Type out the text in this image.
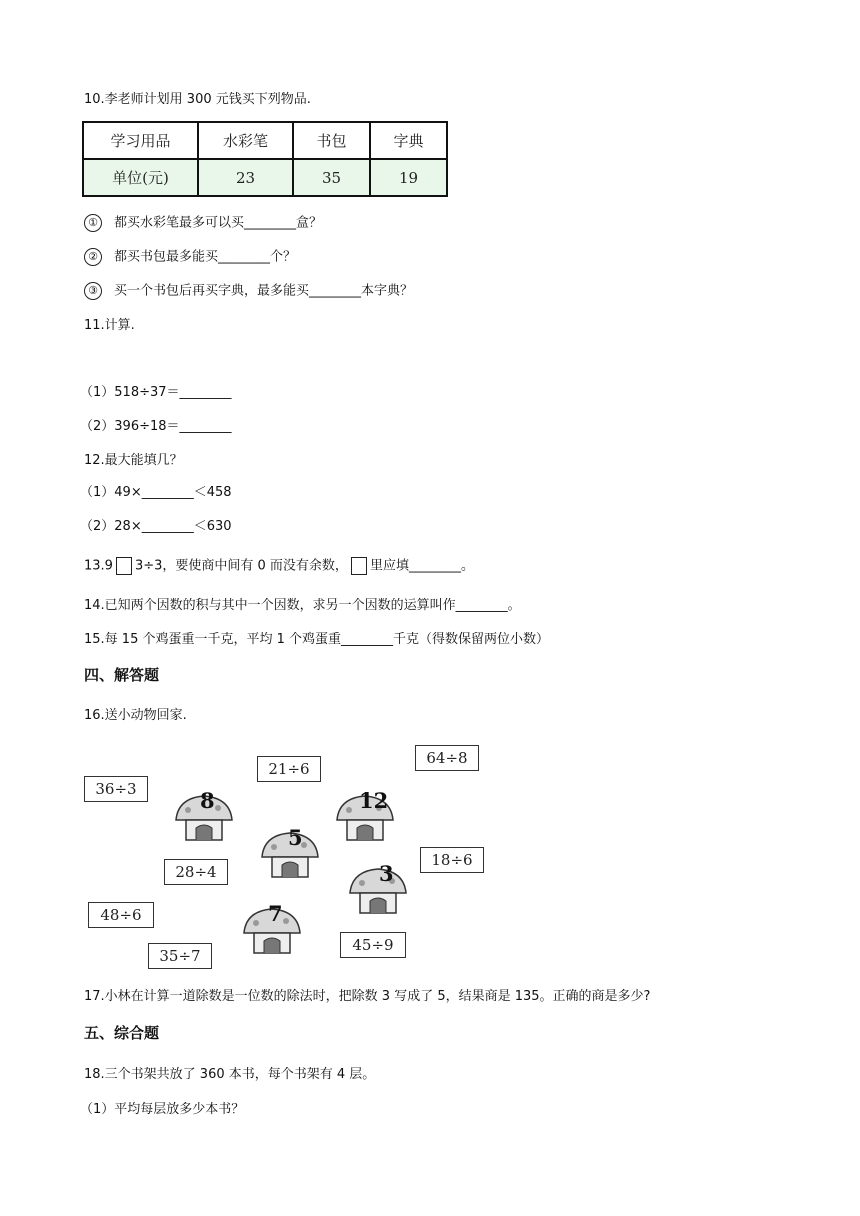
10.李老师计划用 300 元钱买下列物品.
学习用品	水彩笔	书包	字典
单位(元)	23	35	19
① 都买水彩笔最多可以买________盒？
② 都买书包最多能买________个？
③ 买一个书包后再买字典，最多能买________本字典？
11.计算.
（1）518÷37＝________
（2）396÷18＝________
12.最大能填几？
（1）49×________＜458
（2）28×________＜630
13.9 3÷3，要使商中间有 0 而没有余数， 里应填________。
14.已知两个因数的积与其中一个因数，求另一个因数的运算叫作________。
15.每 15 个鸡蛋重一千克，平均 1 个鸡蛋重________千克（得数保留两位小数）
四、解答题
16.送小动物回家.
36÷3
21÷6
64÷8
28÷4
18÷6
48÷6
35÷7
45÷9
8	12
5
3
7
17.小林在计算一道除数是一位数的除法时，把除数 3 写成了 5，结果商是 135。正确的商是多少?
五、综合题
18.三个书架共放了 360 本书，每个书架有 4 层。
（1）平均每层放多少本书？
